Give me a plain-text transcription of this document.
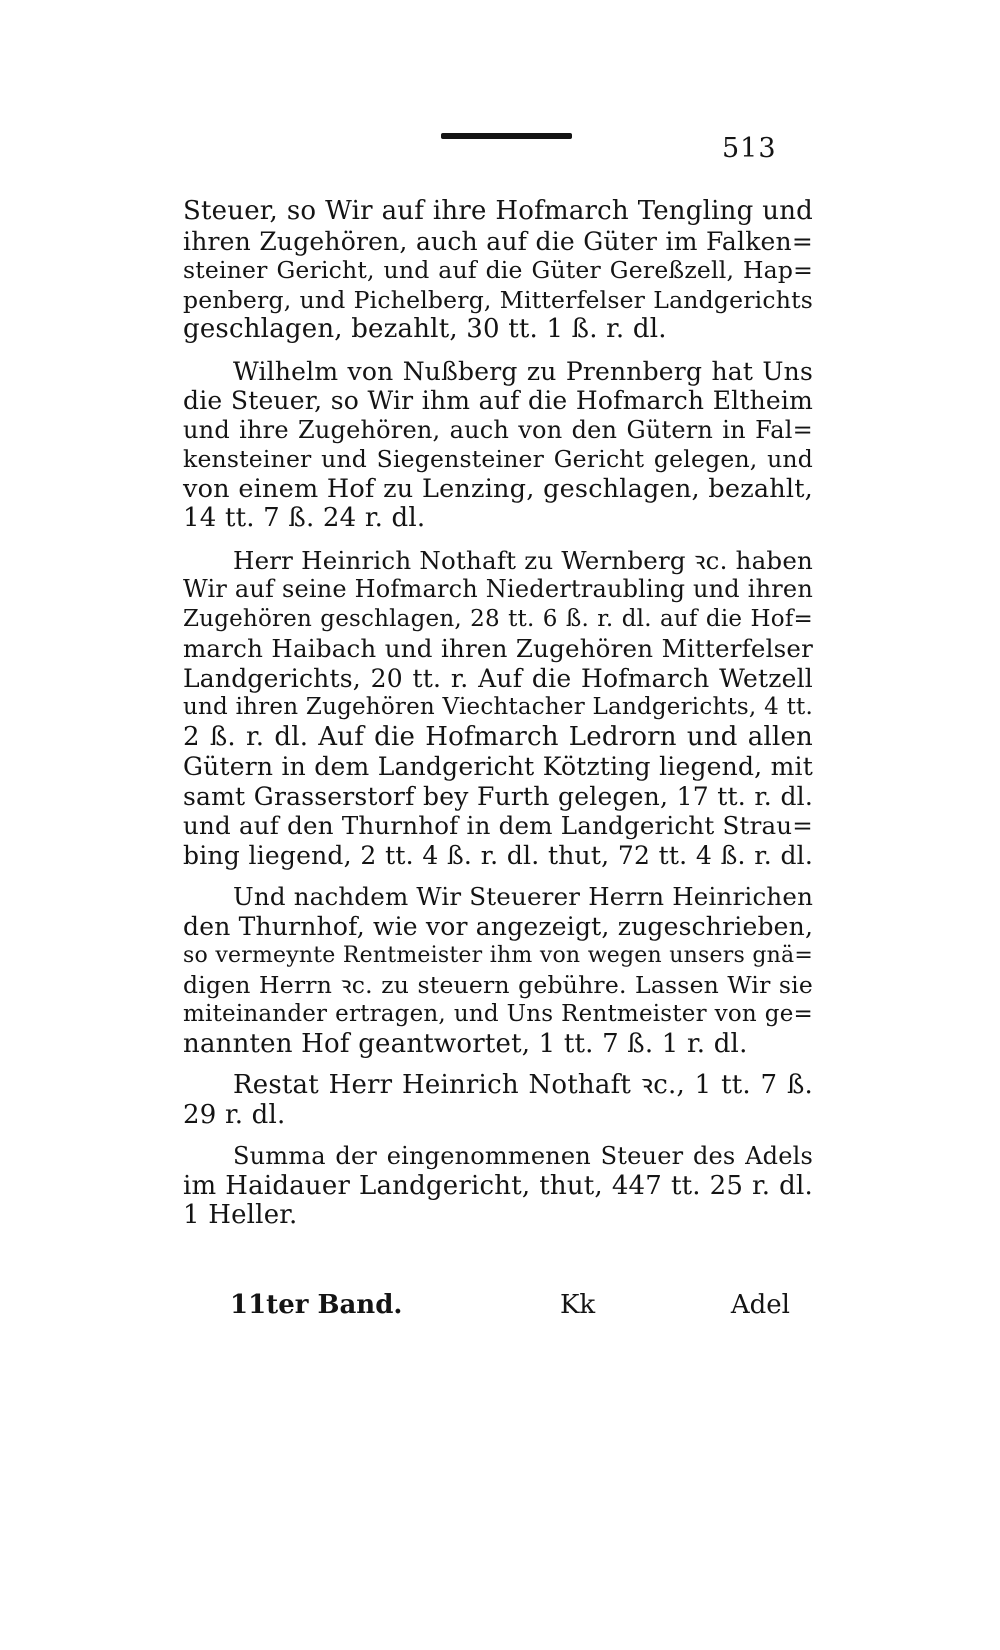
513
Steuer, so Wir auf ihre Hofmarch Tengling und
ihren Zugehören, auch auf die Güter im Falken=
steiner Gericht, und auf die Güter Gereßzell, Hap=
penberg, und Pichelberg, Mitterfelser Landgerichts
geschlagen, bezahlt, 30 tt. 1 ß. r. dl.
Wilhelm von Nußberg zu Prennberg hat Uns
die Steuer, so Wir ihm auf die Hofmarch Eltheim
und ihre Zugehören, auch von den Gütern in Fal=
kensteiner und Siegensteiner Gericht gelegen, und
von einem Hof zu Lenzing, geschlagen, bezahlt,
14 tt. 7 ß. 24 r. dl.
Herr Heinrich Nothaft zu Wernberg ꝛc. haben
Wir auf seine Hofmarch Niedertraubling und ihren
Zugehören geschlagen, 28 tt. 6 ß. r. dl. auf die Hof=
march Haibach und ihren Zugehören Mitterfelser
Landgerichts, 20 tt. r. Auf die Hofmarch Wetzell
und ihren Zugehören Viechtacher Landgerichts, 4 tt.
2 ß. r. dl. Auf die Hofmarch Ledrorn und allen
Gütern in dem Landgericht Kötzting liegend, mit
samt Grasserstorf bey Furth gelegen, 17 tt. r. dl.
und auf den Thurnhof in dem Landgericht Strau=
bing liegend, 2 tt. 4 ß. r. dl. thut, 72 tt. 4 ß. r. dl.
Und nachdem Wir Steuerer Herrn Heinrichen
den Thurnhof, wie vor angezeigt, zugeschrieben,
so vermeynte Rentmeister ihm von wegen unsers gnä=
digen Herrn ꝛc. zu steuern gebühre. Lassen Wir sie
miteinander ertragen, und Uns Rentmeister von ge=
nannten Hof geantwortet, 1 tt. 7 ß. 1 r. dl.
Restat Herr Heinrich Nothaft ꝛc., 1 tt. 7 ß.
29 r. dl.
Summa der eingenommenen Steuer des Adels
im Haidauer Landgericht, thut, 447 tt. 25 r. dl.
1 Heller.
11ter Band.	Kk	Adel
